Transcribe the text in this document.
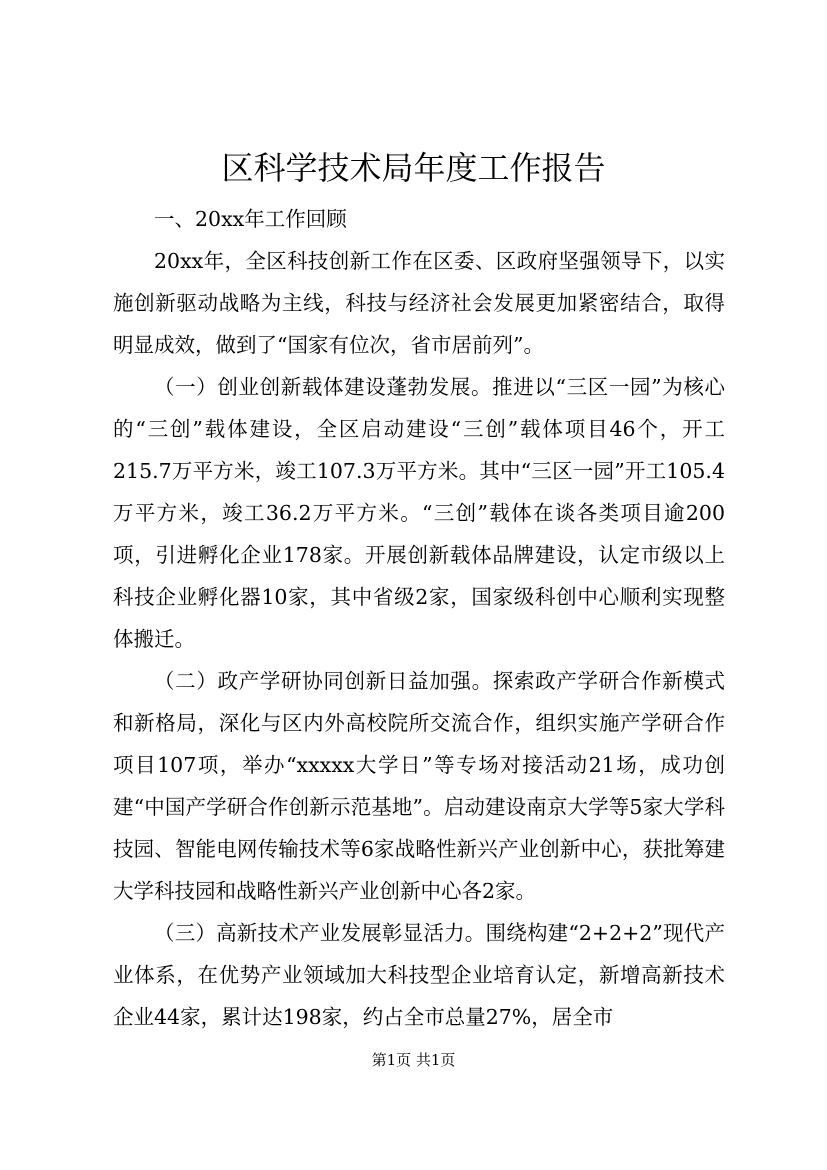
区科学技术局年度工作报告

一、20xx年工作回顾

20xx年，全区科技创新工作在区委、区政府坚强领导下，以实施创新驱动战略为主线，科技与经济社会发展更加紧密结合，取得明显成效，做到了“国家有位次，省市居前列”。

（一）创业创新载体建设蓬勃发展。推进以“三区一园”为核心的“三创”载体建设，全区启动建设“三创”载体项目46个，开工215.7万平方米，竣工107.3万平方米。其中“三区一园”开工105.4万平方米，竣工36.2万平方米。“三创”载体在谈各类项目逾200项，引进孵化企业178家。开展创新载体品牌建设，认定市级以上科技企业孵化器10家，其中省级2家，国家级科创中心顺利实现整体搬迁。

（二）政产学研协同创新日益加强。探索政产学研合作新模式和新格局，深化与区内外高校院所交流合作，组织实施产学研合作项目107项，举办“xxxxx大学日”等专场对接活动21场，成功创建“中国产学研合作创新示范基地”。启动建设南京大学等5家大学科技园、智能电网传输技术等6家战略性新兴产业创新中心，获批筹建大学科技园和战略性新兴产业创新中心各2家。

（三）高新技术产业发展彰显活力。围绕构建“2+2+2”现代产业体系，在优势产业领域加大科技型企业培育认定，新增高新技术企业44家，累计达198家，约占全市总量27%，居全市

第1页 共1页
